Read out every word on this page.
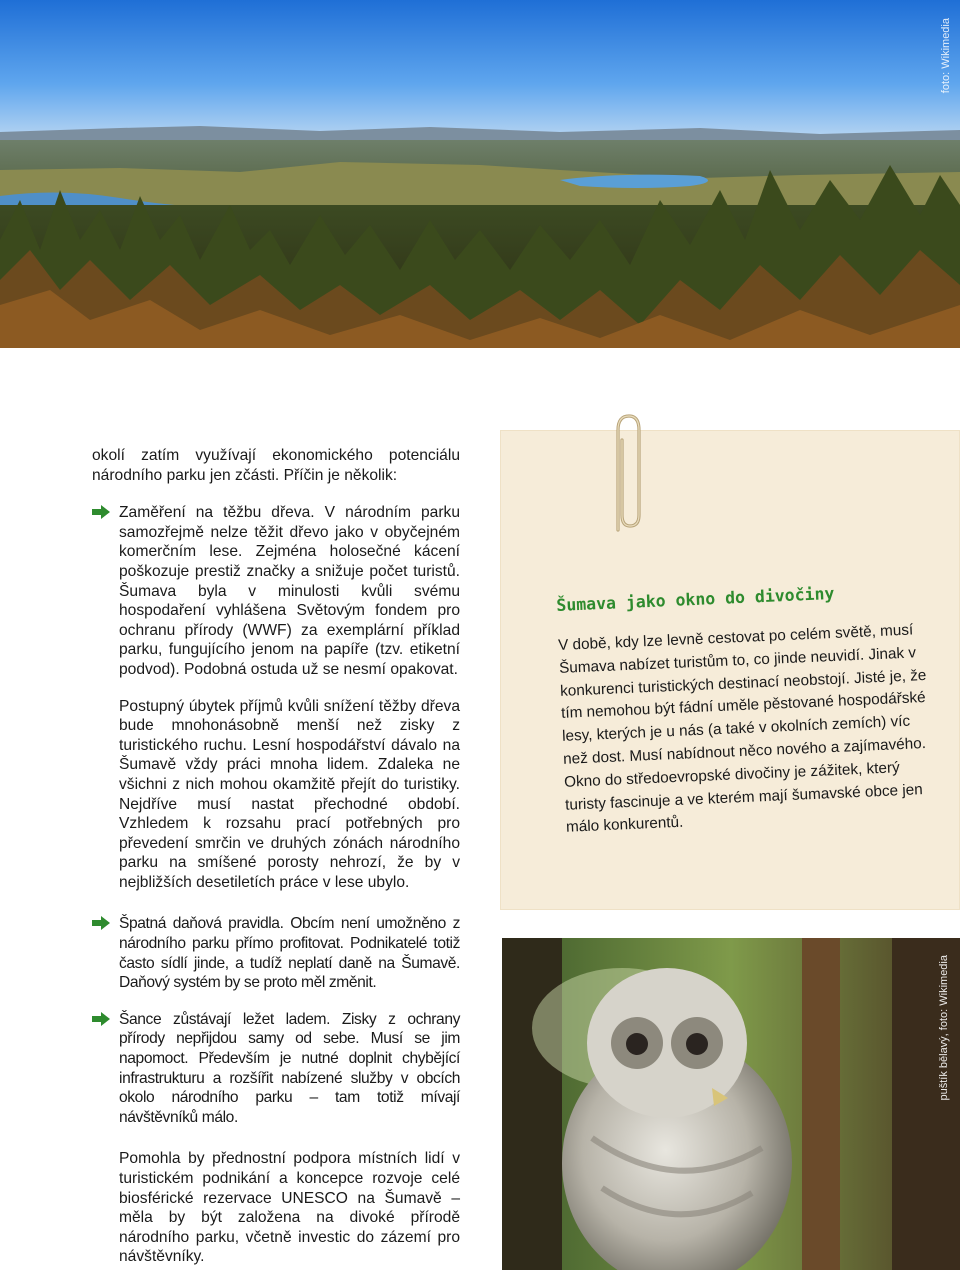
foto: Wikimedia

okolí zatím využívají ekonomického potenciálu národního parku jen zčásti. Příčin je několik:

Zaměření na těžbu dřeva. V národním parku samozřejmě nelze těžit dřevo jako v obyčejném komerčním lese. Zejména holosečné kácení poškozuje prestiž značky a snižuje počet turistů. Šumava byla v minulosti kvůli svému hospodaření vyhlášena Světovým fondem pro ochranu přírody (WWF) za exemplární příklad parku, fungujícího jenom na papíře (tzv. etiketní podvod). Podobná ostuda už se nesmí opakovat.

Postupný úbytek příjmů kvůli snížení těžby dřeva bude mnohonásobně menší než zisky z turistického ruchu. Lesní hospodářství dávalo na Šumavě vždy práci mnoha lidem. Zdaleka ne všichni z nich mohou okamžitě přejít do turistiky. Nejdříve musí nastat přechodné období. Vzhledem k rozsahu prací potřebných pro převedení smrčin ve druhých zónách národního parku na smíšené porosty nehrozí, že by v nejbližších desetiletích práce v lese ubylo.

Špatná daňová pravidla. Obcím není umožněno z národního parku přímo profitovat. Podnikatelé totiž často sídlí jinde, a tudíž neplatí daně na Šumavě. Daňový systém by se proto měl změnit.

Šance zůstávají ležet ladem. Zisky z ochrany přírody nepřijdou samy od sebe. Musí se jim napomoct. Především je nutné doplnit chybějící infrastrukturu a rozšířit nabízené služby v obcích okolo národního parku – tam totiž mívají návštěvníků málo.

Pomohla by přednostní podpora místních lidí v turistickém podnikání a koncepce rozvoje celé biosférické rezervace UNESCO na Šumavě – měla by být založena na divoké přírodě národního parku, včetně investic do zázemí pro návštěvníky.

Šumava jako okno do divočiny

V době, kdy lze levně cestovat po celém světě, musí Šumava nabízet turistům to, co jinde neuvidí. Jinak v konkurenci turistických destinací neobstojí. Jisté je, že tím nemohou být fádní uměle pěstované hospodářské lesy, kterých je u nás (a také v okolních zemích) víc než dost. Musí nabídnout něco nového a zajímavého. Okno do středoevropské divočiny je zážitek, který turisty fascinuje a ve kterém mají šumavské obce jen málo konkurentů.

puštík bělavý, foto: Wikimedia
